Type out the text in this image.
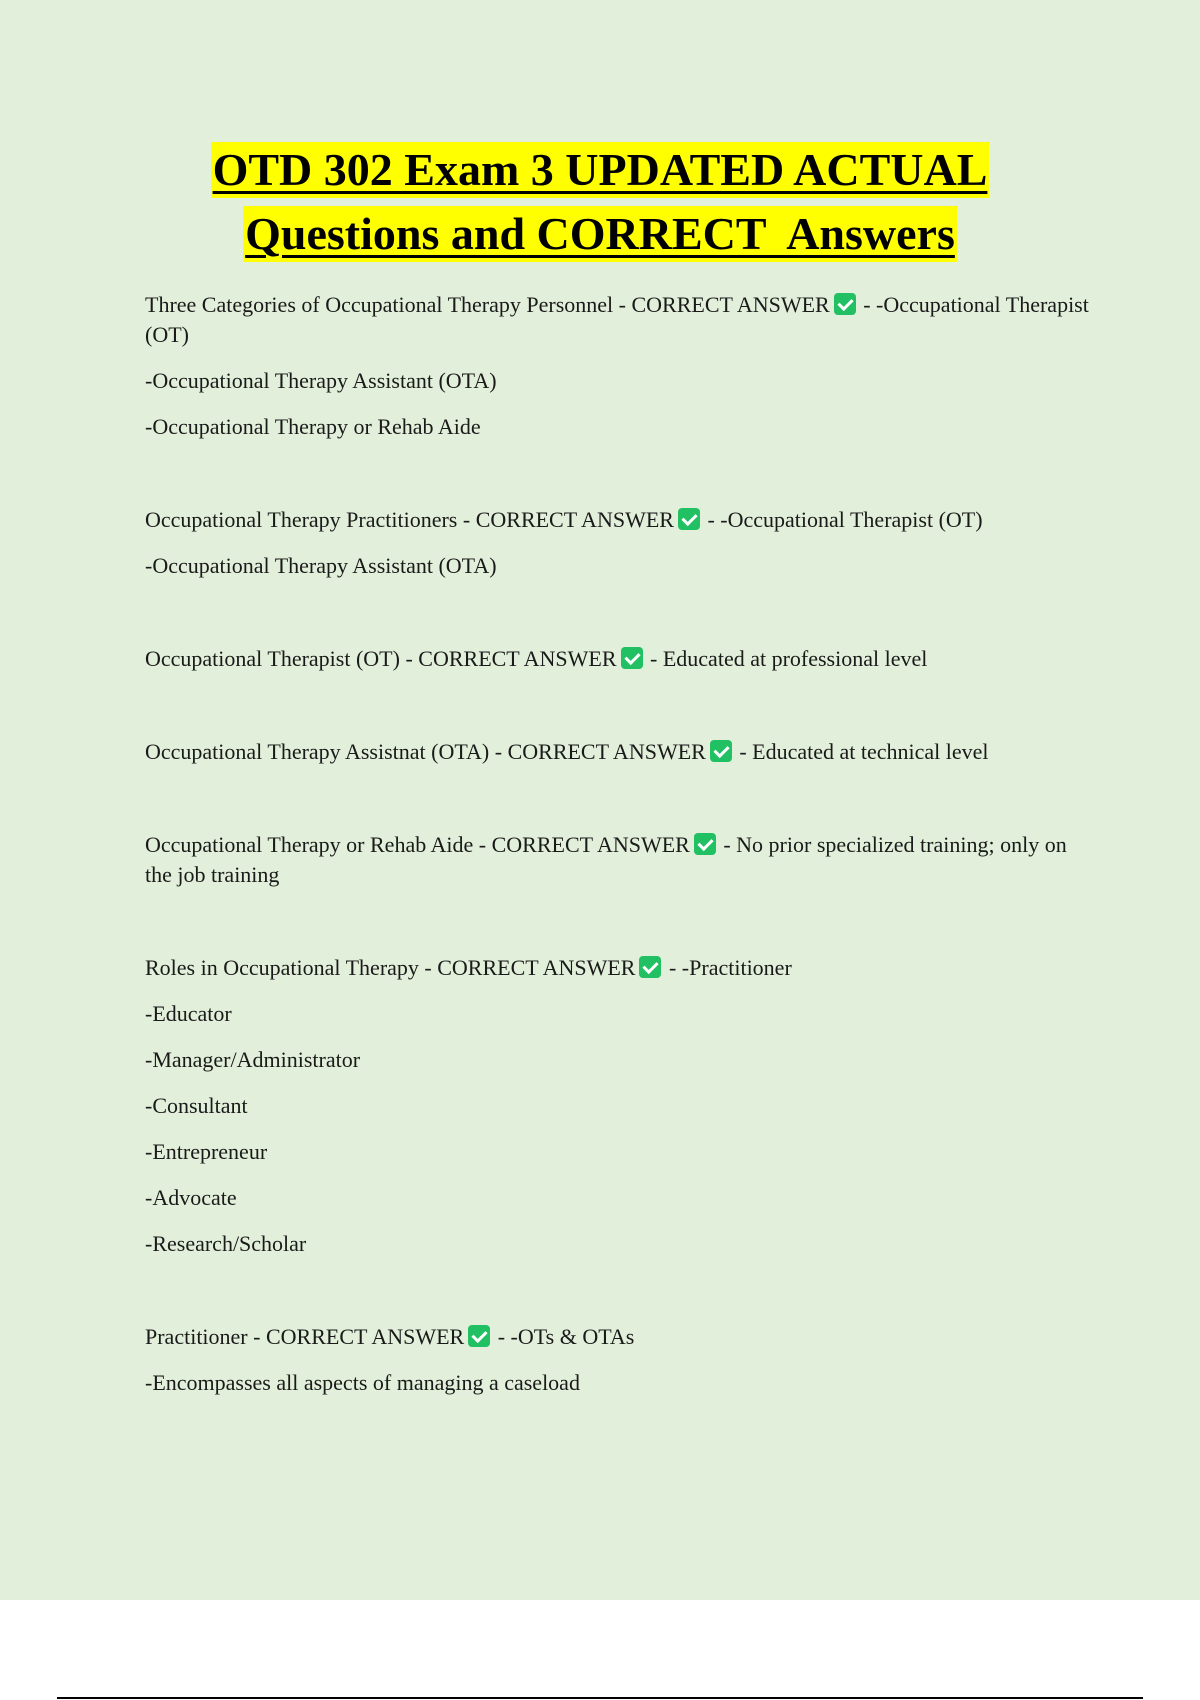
OTD 302 Exam 3 UPDATED ACTUAL
Questions and CORRECT  Answers

Three Categories of Occupational Therapy Personnel - CORRECT ANSWER - -Occupational Therapist (OT)

-Occupational Therapy Assistant (OTA)

-Occupational Therapy or Rehab Aide

Occupational Therapy Practitioners - CORRECT ANSWER - -Occupational Therapist (OT)

-Occupational Therapy Assistant (OTA)

Occupational Therapist (OT) - CORRECT ANSWER - Educated at professional level

Occupational Therapy Assistnat (OTA) - CORRECT ANSWER - Educated at technical level

Occupational Therapy or Rehab Aide - CORRECT ANSWER - No prior specialized training; only on the job training

Roles in Occupational Therapy - CORRECT ANSWER - -Practitioner

-Educator

-Manager/Administrator

-Consultant

-Entrepreneur

-Advocate

-Research/Scholar

Practitioner - CORRECT ANSWER - -OTs & OTAs

-Encompasses all aspects of managing a caseload
